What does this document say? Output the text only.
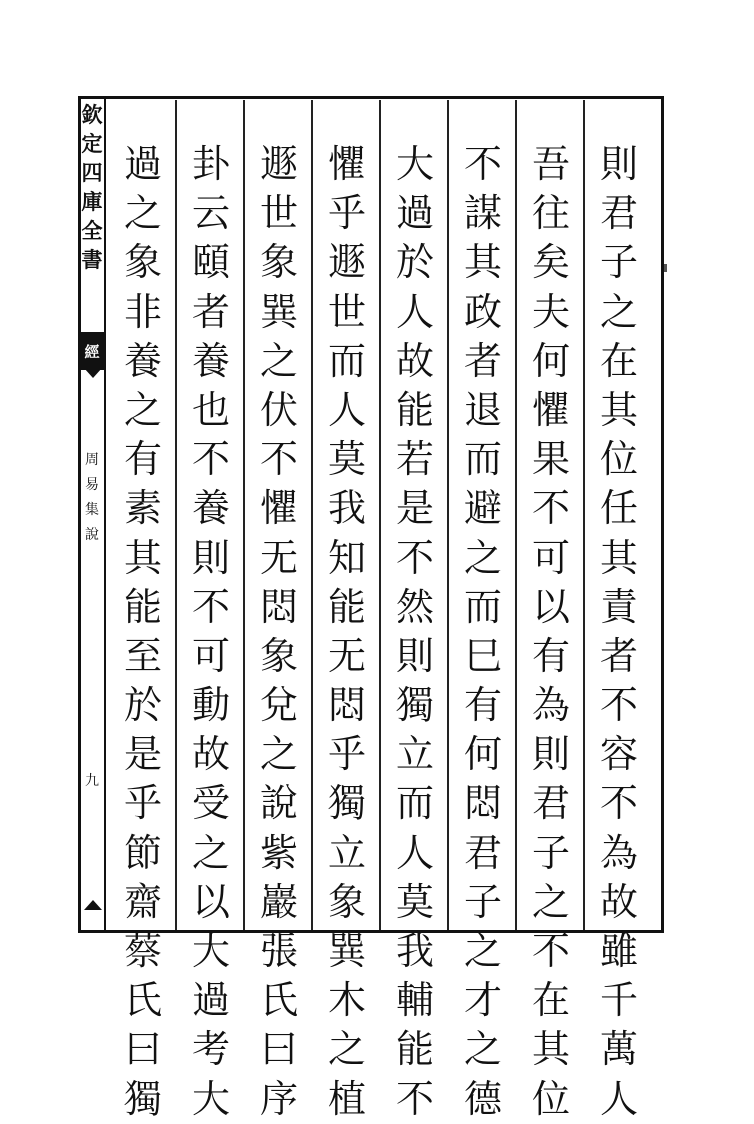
欽
定
四
庫
全
書
經
周
易
集
說
九
則
君
子
之
在
其
位
任
其
責
者
不
容
不
為
故
雖
千
萬
人
吾
往
矣
夫
何
懼
果
不
可
以
有
為
則
君
子
之
不
在
其
位
不
謀
其
政
者
退
而
避
之
而
巳
有
何
悶
君
子
之
才
之
德
大
過
於
人
故
能
若
是
不
然
則
獨
立
而
人
莫
我
輔
能
不
懼
乎
遯
世
而
人
莫
我
知
能
无
悶
乎
獨
立
象
巽
木
之
植
遯
世
象
巽
之
伏
不
懼
无
悶
象
兌
之
說
紫
巖
張
氏
曰
序
卦
云
頤
者
養
也
不
養
則
不
可
動
故
受
之
以
大
過
考
大
過
之
象
非
養
之
有
素
其
能
至
於
是
乎
節
齋
蔡
氏
曰
獨
